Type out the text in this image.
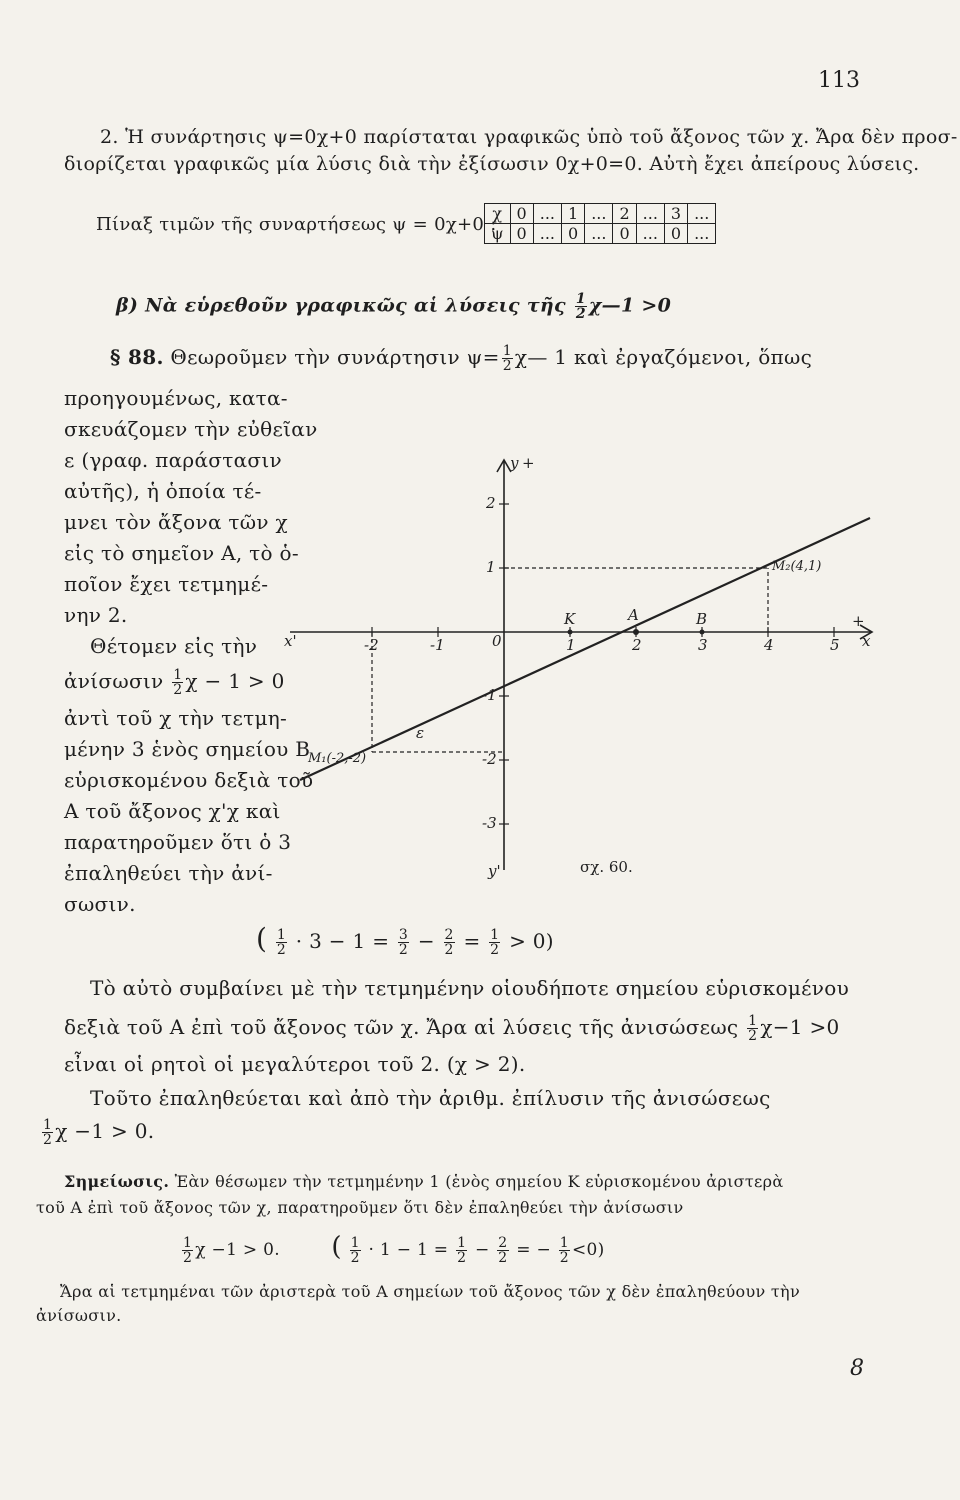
113
2. Ἡ συνάρτησις ψ=0χ+0 παρίσταται γραφικῶς ὑπὸ τοῦ ἄξονος τῶν χ. Ἄρα δὲν προσ-
διορίζεται γραφικῶς μία λύσις διὰ τὴν ἐξίσωσιν 0χ+0=0. Αὐτὴ ἔχει ἀπείρους λύσεις.
Πίναξ τιμῶν τῆς συναρτήσεως ψ = 0χ+0 :
χ	0	...	1	...	2	...	3	...
ψ	0	...	0	...	0	...	0	...
β) Νὰ εὑρεθοῦν γραφικῶς αἱ λύσεις τῆς $\frac{1}{2}$ χ—1 >0
§ 88. Θεωροῦμεν τὴν συνάρτησιν $\psi= \frac{1}{2}$ χ— 1 καὶ ἐργαζόμενοι, ὅπως
προηγουμένως, κατα-
σκευάζομεν τὴν εὐθεῖαν
ε (γραφ. παράστασιν
αὐτῆς), ἡ ὁποία τέ-
μνει τὸν ἄξονα τῶν χ
εἰς τὸ σημεῖον Α, τὸ ὁ-
ποῖον ἔχει τετμημέ-
νην 2.
Θέτομεν εἰς τὴν
ἀνίσωσιν $\frac{1}{2}$ χ − 1 > 0
ἀντὶ τοῦ χ τὴν τετμη-
μένην 3 ἑνὸς σημείου Β
εὑρισκομένου δεξιὰ τοῦ
Α τοῦ ἄξονος χ'χ καὶ
παρατηροῦμεν ὅτι ὁ 3
ἐπαληθεύει τὴν ἀνί-
σωσιν.
y +
y'
x
+
x'	0
-2	-1	1	2	3	4	5
2
1
-1
-2
-3
K	A	B
ε
M₁(-2,-2)
M₂(4,1)
σχ. 60.
( $\frac{1}{2} \cdot 3 - 1 = \frac{3}{2} - \frac{2}{2} = \frac{1}{2} > 0$)
Τὸ αὐτὸ συμβαίνει μὲ τὴν τετμημένην οἱουδήποτε σημείου εὑρισκομένου
δεξιὰ τοῦ Α ἐπὶ τοῦ ἄξονος τῶν χ. Ἄρα αἱ λύσεις τῆς ἀνισώσεως $\frac{1}{2} \chi-1 >0$
εἶναι οἱ ρητοὶ οἱ μεγαλύτεροι τοῦ 2. (χ > 2).
Τοῦτο ἐπαληθεύεται καὶ ἀπὸ τὴν ἀριθμ. ἐπίλυσιν τῆς ἀνισώσεως
$\frac{1}{2}$ χ −1 > 0.
Σημείωσις. Ἐὰν θέσωμεν τὴν τετμημένην 1 (ἑνὸς σημείου Κ εὑρισκομένου ἀριστερὰ
τοῦ Α ἐπὶ τοῦ ἄξονος τῶν χ, παρατηροῦμεν ὅτι δὲν ἐπαληθεύει τὴν ἀνίσωσιν
$\frac{1}{2}$ χ −1 > 0. ( $\frac{1}{2} \cdot 1 - 1 = \frac{1}{2} - \frac{2}{2}$ = − $\frac{1}{2} <0$)
Ἄρα αἱ τετμημέναι τῶν ἀριστερὰ τοῦ Α σημείων τοῦ ἄξονος τῶν χ δὲν ἐπαληθεύουν τὴν
ἀνίσωσιν.
8
